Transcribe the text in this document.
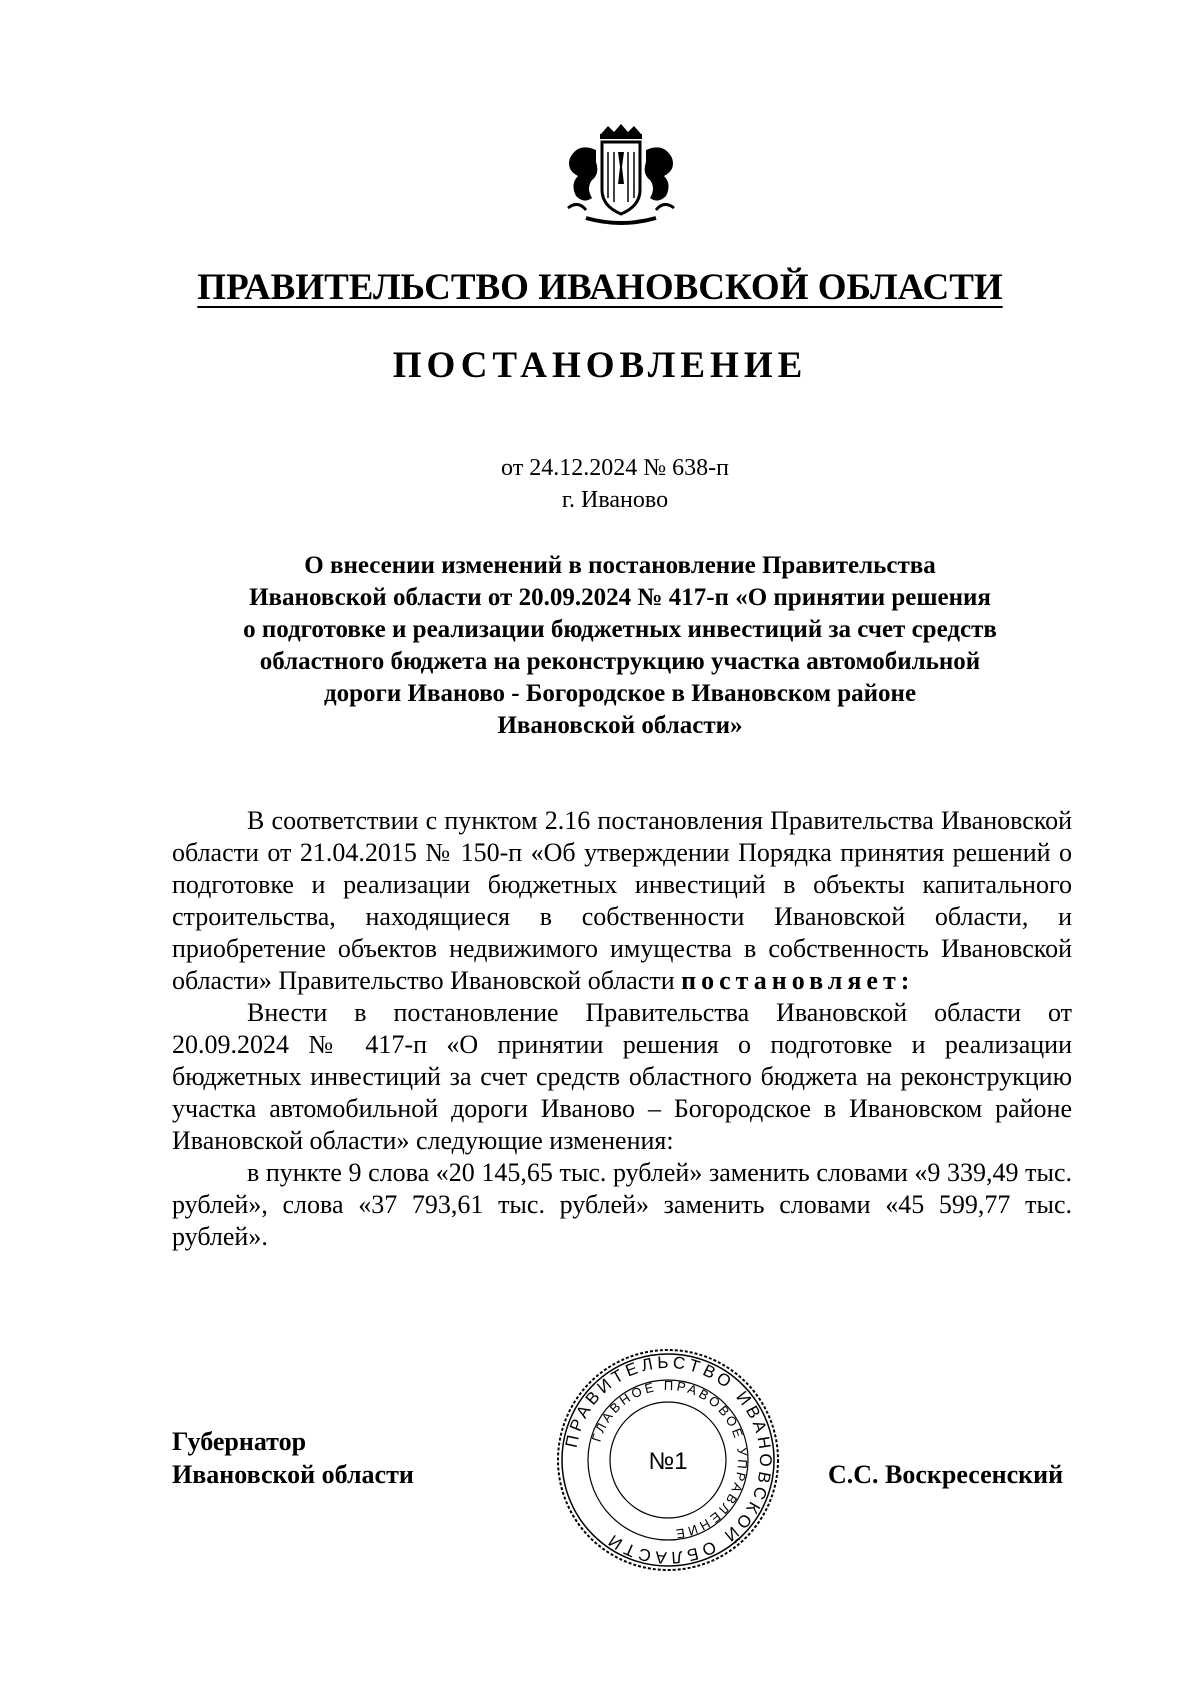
ПРАВИТЕЛЬСТВО ИВАНОВСКОЙ ОБЛАСТИ
ПОСТАНОВЛЕНИЕ
от 24.12.2024 № 638-п
г. Иваново
О внесении изменений в постановление Правительства
Ивановской области от 20.09.2024 № 417-п «О принятии решения
о подготовке и реализации бюджетных инвестиций за счет средств
областного бюджета на реконструкцию участка автомобильной
дороги Иваново - Богородское в Ивановском районе
Ивановской области»

В соответствии с пунктом 2.16 постановления Правительства Ивановской области от 21.04.2015 № 150-п «Об утверждении Порядка принятия решений о подготовке и реализации бюджетных инвестиций в объекты капитального строительства, находящиеся в собственности Ивановской области, и приобретение объектов недвижимого имущества в собственность Ивановской области» Правительство Ивановской области постановляет:

Внести в постановление Правительства Ивановской области от 20.09.2024 № 417-п «О принятии решения о подготовке и реализации бюджетных инвестиций за счет средств областного бюджета на реконструкцию участка автомобильной дороги Иваново – Богородское в Ивановском районе Ивановской области» следующие изменения:

в пункте 9 слова «20 145,65 тыс. рублей» заменить словами «9 339,49 тыс. рублей», слова «37 793,61 тыс. рублей» заменить словами «45 599,77 тыс. рублей».

Губернатор
Ивановской области	С.С. Воскресенский
ПРАВИТЕЛЬСТВО ИВАНОВСКОЙ ОБЛАСТИ
ГЛАВНОЕ ПРАВОВОЕ УПРАВЛЕНИЕ
№1
